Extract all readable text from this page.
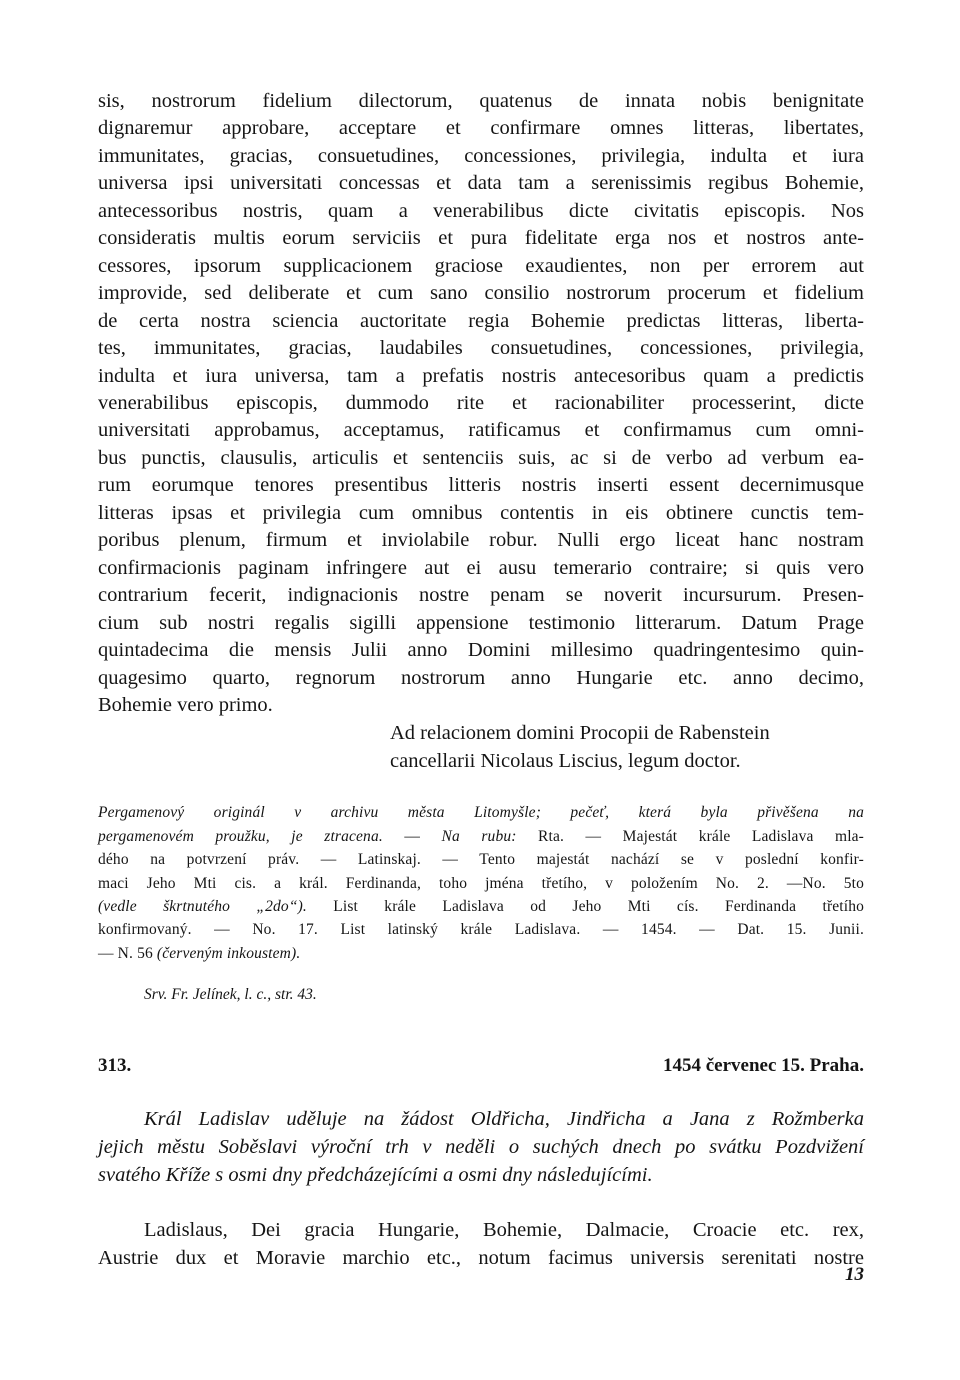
sis, nostrorum fidelium dilectorum, quatenus de innata nobis benignitate
dignaremur approbare, acceptare et confirmare omnes litteras, libertates,
immunitates, gracias, consuetudines, concessiones, privilegia, indulta et iura
universa ipsi universitati concessas et data tam a serenissimis regibus Bohemie,
antecessoribus nostris, quam a venerabilibus dicte civitatis episcopis. Nos
consideratis multis eorum serviciis et pura fidelitate erga nos et nostros ante-
cessores, ipsorum supplicacionem graciose exaudientes, non per errorem aut
improvide, sed deliberate et cum sano consilio nostrorum procerum et fidelium
de certa nostra sciencia auctoritate regia Bohemie predictas litteras, liberta-
tes, immunitates, gracias, laudabiles consuetudines, concessiones, privilegia,
indulta et iura universa, tam a prefatis nostris antecesoribus quam a predictis
venerabilibus episcopis, dummodo rite et racionabiliter processerint, dicte
universitati approbamus, acceptamus, ratificamus et confirmamus cum omni-
bus punctis, clausulis, articulis et sentenciis suis, ac si de verbo ad verbum ea-
rum eorumque tenores presentibus litteris nostris inserti essent decernimusque
litteras ipsas et privilegia cum omnibus contentis in eis obtinere cunctis tem-
poribus plenum, firmum et inviolabile robur. Nulli ergo liceat hanc nostram
confirmacionis paginam infringere aut ei ausu temerario contraire; si quis vero
contrarium fecerit, indignacionis nostre penam se noverit incursurum. Presen-
cium sub nostri regalis sigilli appensione testimonio litterarum. Datum Prage
quintadecima die mensis Julii anno Domini millesimo quadringentesimo quin-
quagesimo quarto, regnorum nostrorum anno Hungarie etc. anno decimo,
Bohemie vero primo.
Ad relacionem domini Procopii de Rabenstein
cancellarii Nicolaus Liscius, legum doctor.
Pergamenový originál v archivu města Litomyšle; pečeť, která byla přivěšena na
pergamenovém proužku, je ztracena. — Na rubu: Rta. — Majestát krále Ladislava mla-
dého na potvrzení práv. — Latinskaj. — Tento majestát nachází se v poslední konfir-
maci Jeho Mti cis. a král. Ferdinanda, toho jména třetího, v položením No. 2. —No. 5to
(vedle škrtnutého „2do“). List krále Ladislava od Jeho Mti cís. Ferdinanda třetího
konfirmovaný. — No. 17. List latinský krále Ladislava. — 1454. — Dat. 15. Junii.
— N. 56 (červeným inkoustem).
Srv. Fr. Jelínek, l. c., str. 43.
313.	1454 červenec 15. Praha.
Král Ladislav uděluje na žádost Oldřicha, Jindřicha a Jana z Rožmberka
jejich městu Soběslavi výroční trh v neděli o suchých dnech po svátku Pozdvižení
svatého Kříže s osmi dny předcházejícími a osmi dny následujícími.
Ladislaus, Dei gracia Hungarie, Bohemie, Dalmacie, Croacie etc. rex,
Austrie dux et Moravie marchio etc., notum facimus universis serenitati nostre
13
